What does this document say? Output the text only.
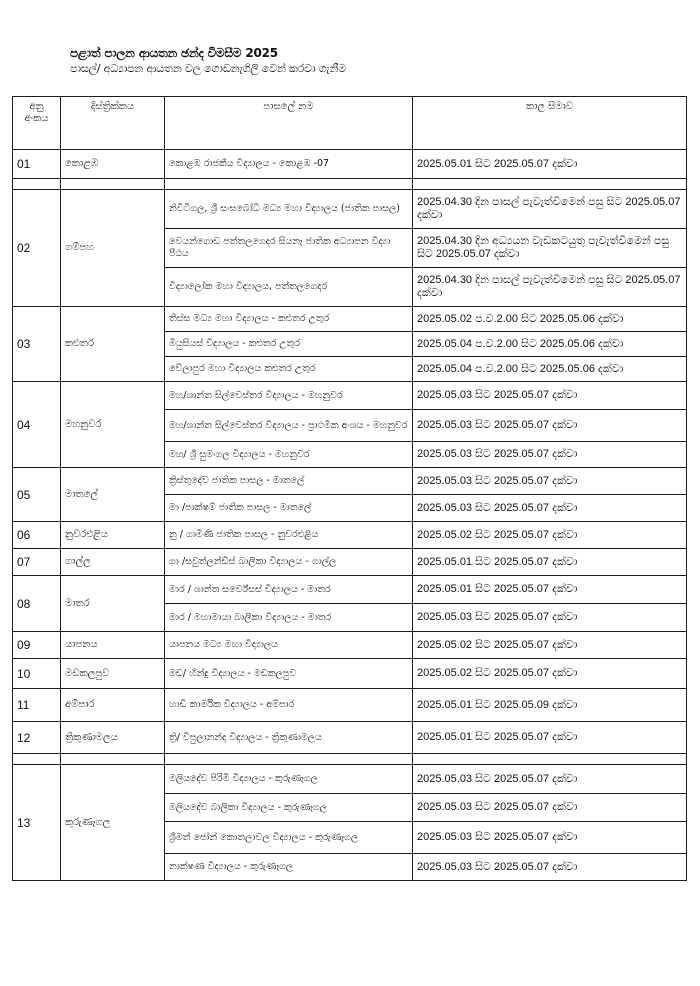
පළාත් පාලන ආයතන ඡන්ද විමසීම 2025
පාසල්/ අධ්‍යාපන ආයතන වල ගොඩනැගිලි වෙන් කරවා ගැනීම
අනු අංකය	දිස්ත්‍රික්කය	පාසලේ නම	කාල සීමාව
01	කොළඹ	කොළඹ රාජකීය විද්‍යාලය - කොළඹ -07	2025.05.01 සිට 2025.05.07 දක්වා

02	ගම්පහ	නිවිටිගල, ශ්‍රී සංඝබෝධි මධ්‍ය මහා විද්‍යාලය (ජාතික පාසල)	2025.04.30 දින පාසල් පැවැත්වීමෙන් පසු සිට 2025.05.07 දක්වා
		වෙයන්ගොඩ පත්තලගෙදර සියනෑ ජාතික අධ්‍යාපන විද්‍යා පීඨය	2025.04.30 දින අධ්‍යයන වැඩකටයුතු පැවැත්වීමෙන් පසු සිට 2025.05.07 දක්වා
		විද්‍යාලෝක මහා විද්‍යාලය, පත්තලගෙදර	2025.04.30 දින පාසල් පැවැත්වීමෙන් පසු සිට 2025.05.07 දක්වා
03	කළුතර	තිස්ස මධ්‍ය මහා විද්‍යාලය - කළුතර උතුර	2025.05.02 ප.ව.2.00 සිට 2025.05.06 දක්වා
		මියුසියස් විද්‍යාලය - කළුතර උතුර	2025.05.04 ප.ව.2.00 සිට 2025.05.06 දක්වා
		වේලාපුර මහා විද්‍යාලය කළුතර උතුර	2025.05.04 ප.ව.2.00 සිට 2025.05.06 දක්වා
04	මහනුවර	මහ/ශාන්ත සිල්වෙස්තර විද්‍යාලය - මහනුවර	2025.05.03 සිට 2025.05.07 දක්වා
		මහ/ශාන්ත සිල්වෙස්තර විද්‍යාලය - ප්‍රාථමික අංශය - මහනුවර	2025.05.03 සිට 2025.05.07 දක්වා
		මහ/ ශ්‍රී සුමංගල විද්‍යාලය - මහනුවර	2025.05.03 සිට 2025.05.07 දක්වා
05	මාතලේ	ක්‍රිස්තුදේව ජාතික පාසල - මාතලේ	2025.05.03 සිට 2025.05.07 දක්වා
		මා /පාක්ෂම් ජාතික පාසල - මාතලේ	2025.05.03 සිට 2025.05.07 දක්වා
06	නුවරඑළිය	නු / ගාමිණි ජාතික පාසල - නුවරඑළිය	2025.05.02 සිට 2025.05.07 දක්වා
07	ගාල්ල	ගා /සවුත්ලන්ඩ්ස් බාලිකා විද්‍යාලය - ගාල්ල	2025.05.01 සිට 2025.05.07 දක්වා
08	මාතර	මාර / ශාන්ත සර්වේසස් විද්‍යාලය - මාතර	2025.05.01 සිට 2025.05.07 දක්වා
		මාර / මහාමායා බාලිකා විද්‍යාලය - මාතර	2025.05.03 සිට 2025.05.07 දක්වා
09	යාපනය	යාපනය මධ්‍ය මහා විද්‍යාලය	2025.05.02 සිට 2025.05.07 දක්වා
10	මඩකලපුව	මඩ/ හින්දු විද්‍යාලය - මඩකලපුව	2025.05.02 සිට 2025.05.07 දක්වා
11	අම්පාර	හාඩි කාර්මික විද්‍යාලය - අම්පාර	2025.05.01 සිට 2025.05.09 දක්වා
12	ත්‍රිකුණාමලය	ත්‍රි/ විපුලානන්ද විද්‍යාලය - ත්‍රිකුණාමලය	2025.05.01 සිට 2025.05.07 දක්වා

13	කුරුණෑගල	මලියදේව පිරිමි විද්‍යාලය - කුරුණෑගල	2025.05.03 සිට 2025.05.07 දක්වා
		මලියදේව බාලිකා විද්‍යාලය - කුරුණෑගල	2025.05.03 සිට 2025.05.07 දක්වා
		ශ්‍රීමත් ජෝන් කොතලාවල විද්‍යාලය - කුරුණෑගල	2025.05.03 සිට 2025.05.07 දක්වා
		නාක්ෂණ විද්‍යාලය - කුරුණෑගල	2025.05.03 සිට 2025.05.07 දක්වා
